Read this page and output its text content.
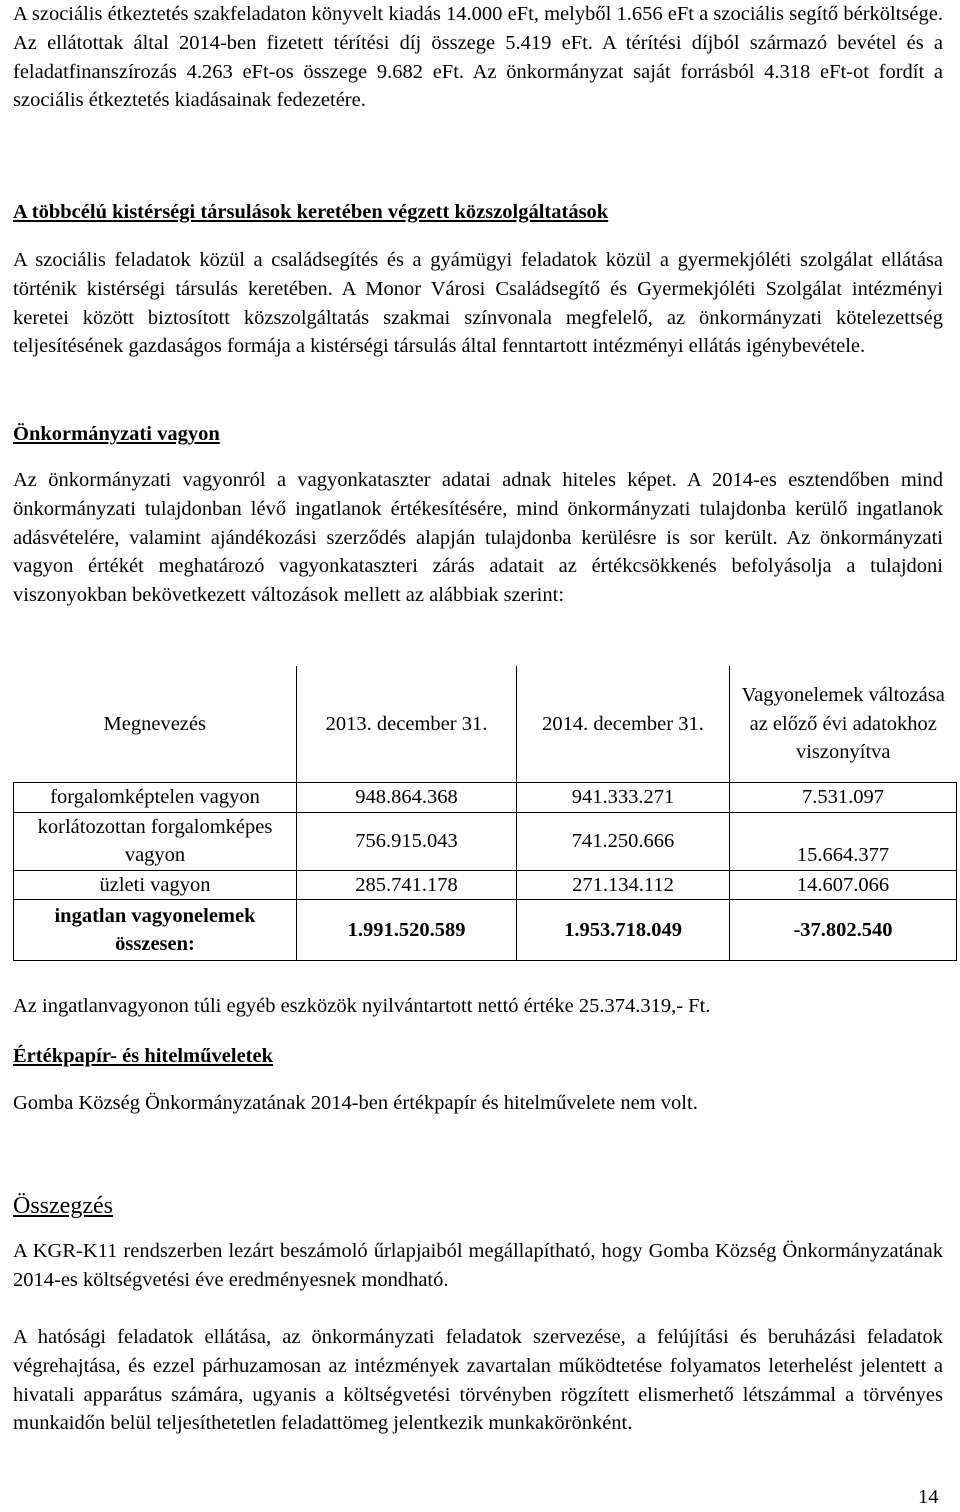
A szociális étkeztetés szakfeladaton könyvelt kiadás 14.000 eFt, melyből 1.656 eFt a szociális segítő bérköltsége. Az ellátottak által 2014-ben fizetett térítési díj összege 5.419 eFt. A térítési díjból származó bevétel és a feladatfinanszírozás 4.263 eFt-os összege 9.682 eFt. Az önkormányzat saját forrásból 4.318 eFt-ot fordít a szociális étkeztetés kiadásainak fedezetére.

A többcélú kistérségi társulások keretében végzett közszolgáltatások

A szociális feladatok közül a családsegítés és a gyámügyi feladatok közül a gyermekjóléti szolgálat ellátása történik kistérségi társulás keretében. A Monor Városi Családsegítő és Gyermekjóléti Szolgálat intézményi keretei között biztosított közszolgáltatás szakmai színvonala megfelelő, az önkormányzati kötelezettség teljesítésének gazdaságos formája a kistérségi társulás által fenntartott intézményi ellátás igénybevétele.

Önkormányzati vagyon

Az önkormányzati vagyonról a vagyonkataszter adatai adnak hiteles képet. A 2014-es esztendőben mind önkormányzati tulajdonban lévő ingatlanok értékesítésére, mind önkormányzati tulajdonba kerülő ingatlanok adásvételére, valamint ajándékozási szerződés alapján tulajdonba kerülésre is sor került. Az önkormányzati vagyon értékét meghatározó vagyonkataszteri zárás adatait az értékcsökkenés befolyásolja a tulajdoni viszonyokban bekövetkezett változások mellett az alábbiak szerint:

Megnevezés	2013. december 31.	2014. december 31.	Vagyonelemek változása az előző évi adatokhoz viszonyítva
forgalomképtelen vagyon	948.864.368	941.333.271	7.531.097
korlátozottan forgalomképes vagyon	756.915.043	741.250.666	15.664.377
üzleti vagyon	285.741.178	271.134.112	14.607.066
ingatlan vagyonelemek összesen:	1.991.520.589	1.953.718.049	-37.802.540

Az ingatlanvagyonon túli egyéb eszközök nyilvántartott nettó értéke 25.374.319,- Ft.

Értékpapír- és hitelműveletek

Gomba Község Önkormányzatának 2014-ben értékpapír és hitelművelete nem volt.

Összegzés

A KGR-K11 rendszerben lezárt beszámoló űrlapjaiból megállapítható, hogy Gomba Község Önkormányzatának 2014-es költségvetési éve eredményesnek mondható.

A hatósági feladatok ellátása, az önkormányzati feladatok szervezése, a felújítási és beruházási feladatok végrehajtása, és ezzel párhuzamosan az intézmények zavartalan működtetése folyamatos leterhelést jelentett a hivatali apparátus számára, ugyanis a költségvetési törvényben rögzített elismerhető létszámmal a törvényes munkaidőn belül teljesíthetetlen feladattömeg jelentkezik munkakörönként.

14
